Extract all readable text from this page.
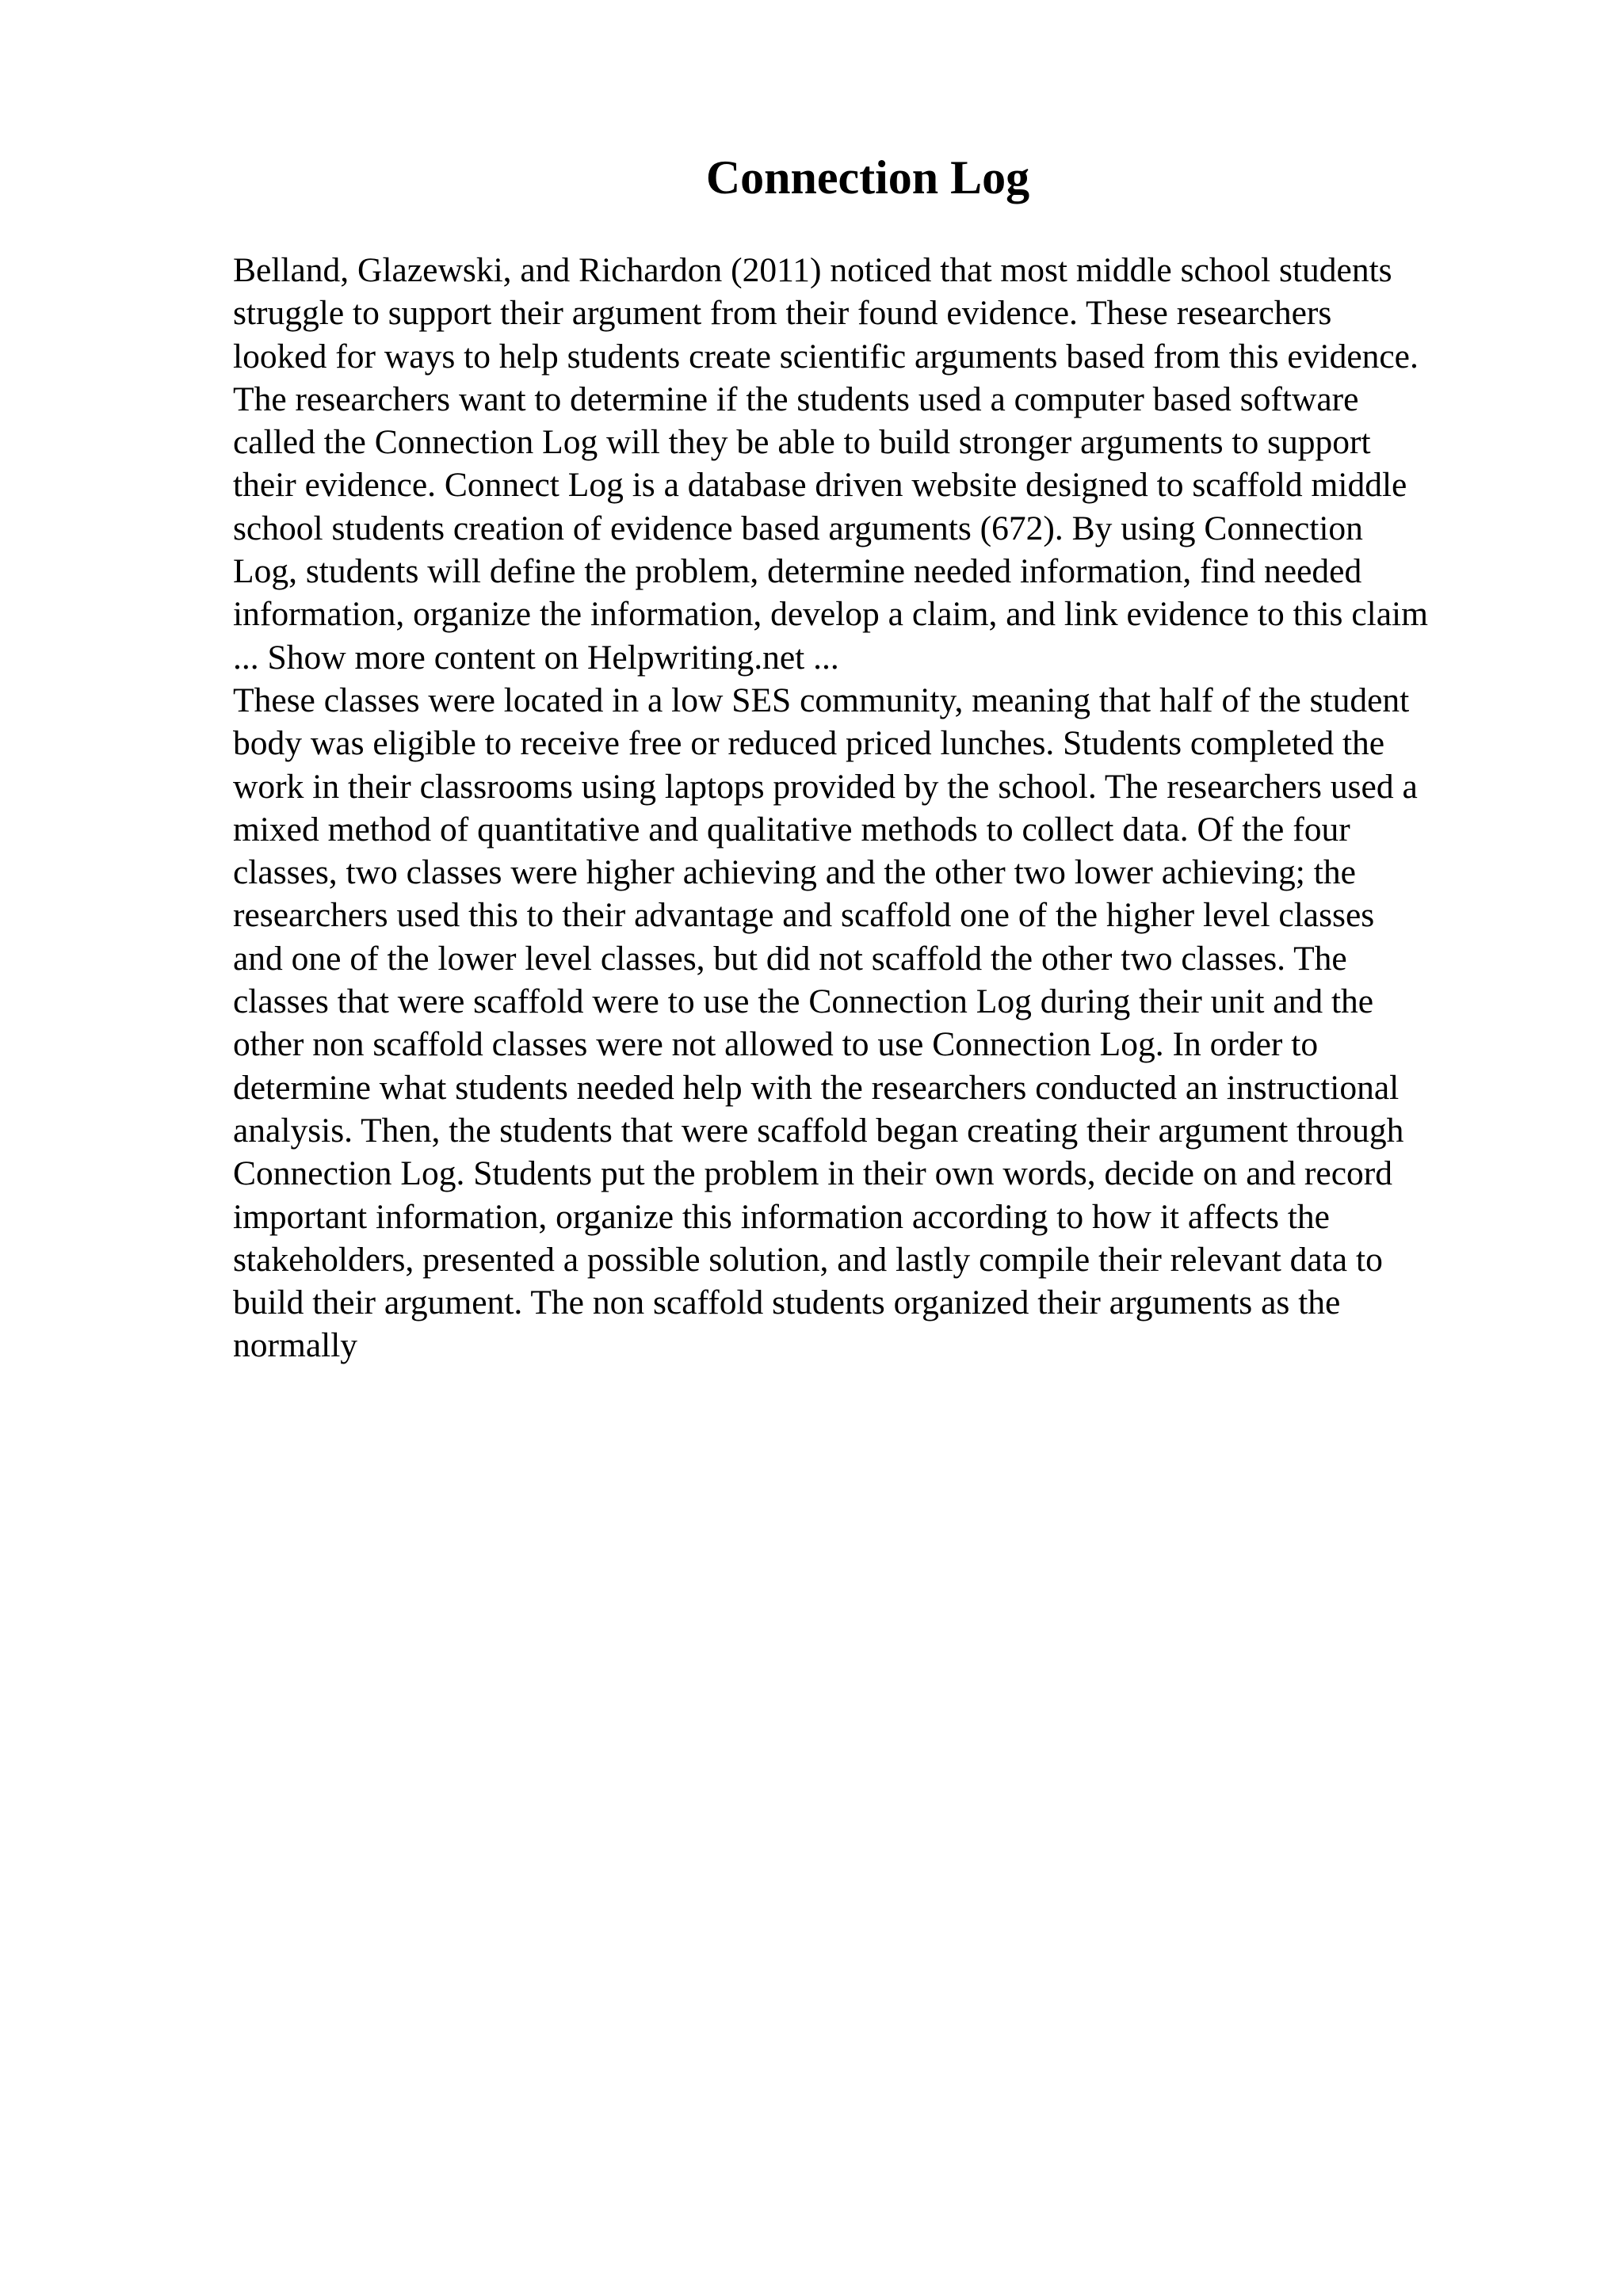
Connection Log
Belland, Glazewski, and Richardon (2011) noticed that most middle school students
struggle to support their argument from their found evidence. These researchers
looked for ways to help students create scientific arguments based from this evidence.
The researchers want to determine if the students used a computer based software
called the Connection Log will they be able to build stronger arguments to support
their evidence. Connect Log is a database driven website designed to scaffold middle
school students creation of evidence based arguments (672). By using Connection
Log, students will define the problem, determine needed information, find needed
information, organize the information, develop a claim, and link evidence to this claim
... Show more content on Helpwriting.net ...
These classes were located in a low SES community, meaning that half of the student
body was eligible to receive free or reduced priced lunches. Students completed the
work in their classrooms using laptops provided by the school. The researchers used a
mixed method of quantitative and qualitative methods to collect data. Of the four
classes, two classes were higher achieving and the other two lower achieving; the
researchers used this to their advantage and scaffold one of the higher level classes
and one of the lower level classes, but did not scaffold the other two classes. The
classes that were scaffold were to use the Connection Log during their unit and the
other non scaffold classes were not allowed to use Connection Log. In order to
determine what students needed help with the researchers conducted an instructional
analysis. Then, the students that were scaffold began creating their argument through
Connection Log. Students put the problem in their own words, decide on and record
important information, organize this information according to how it affects the
stakeholders, presented a possible solution, and lastly compile their relevant data to
build their argument. The non scaffold students organized their arguments as the
normally
